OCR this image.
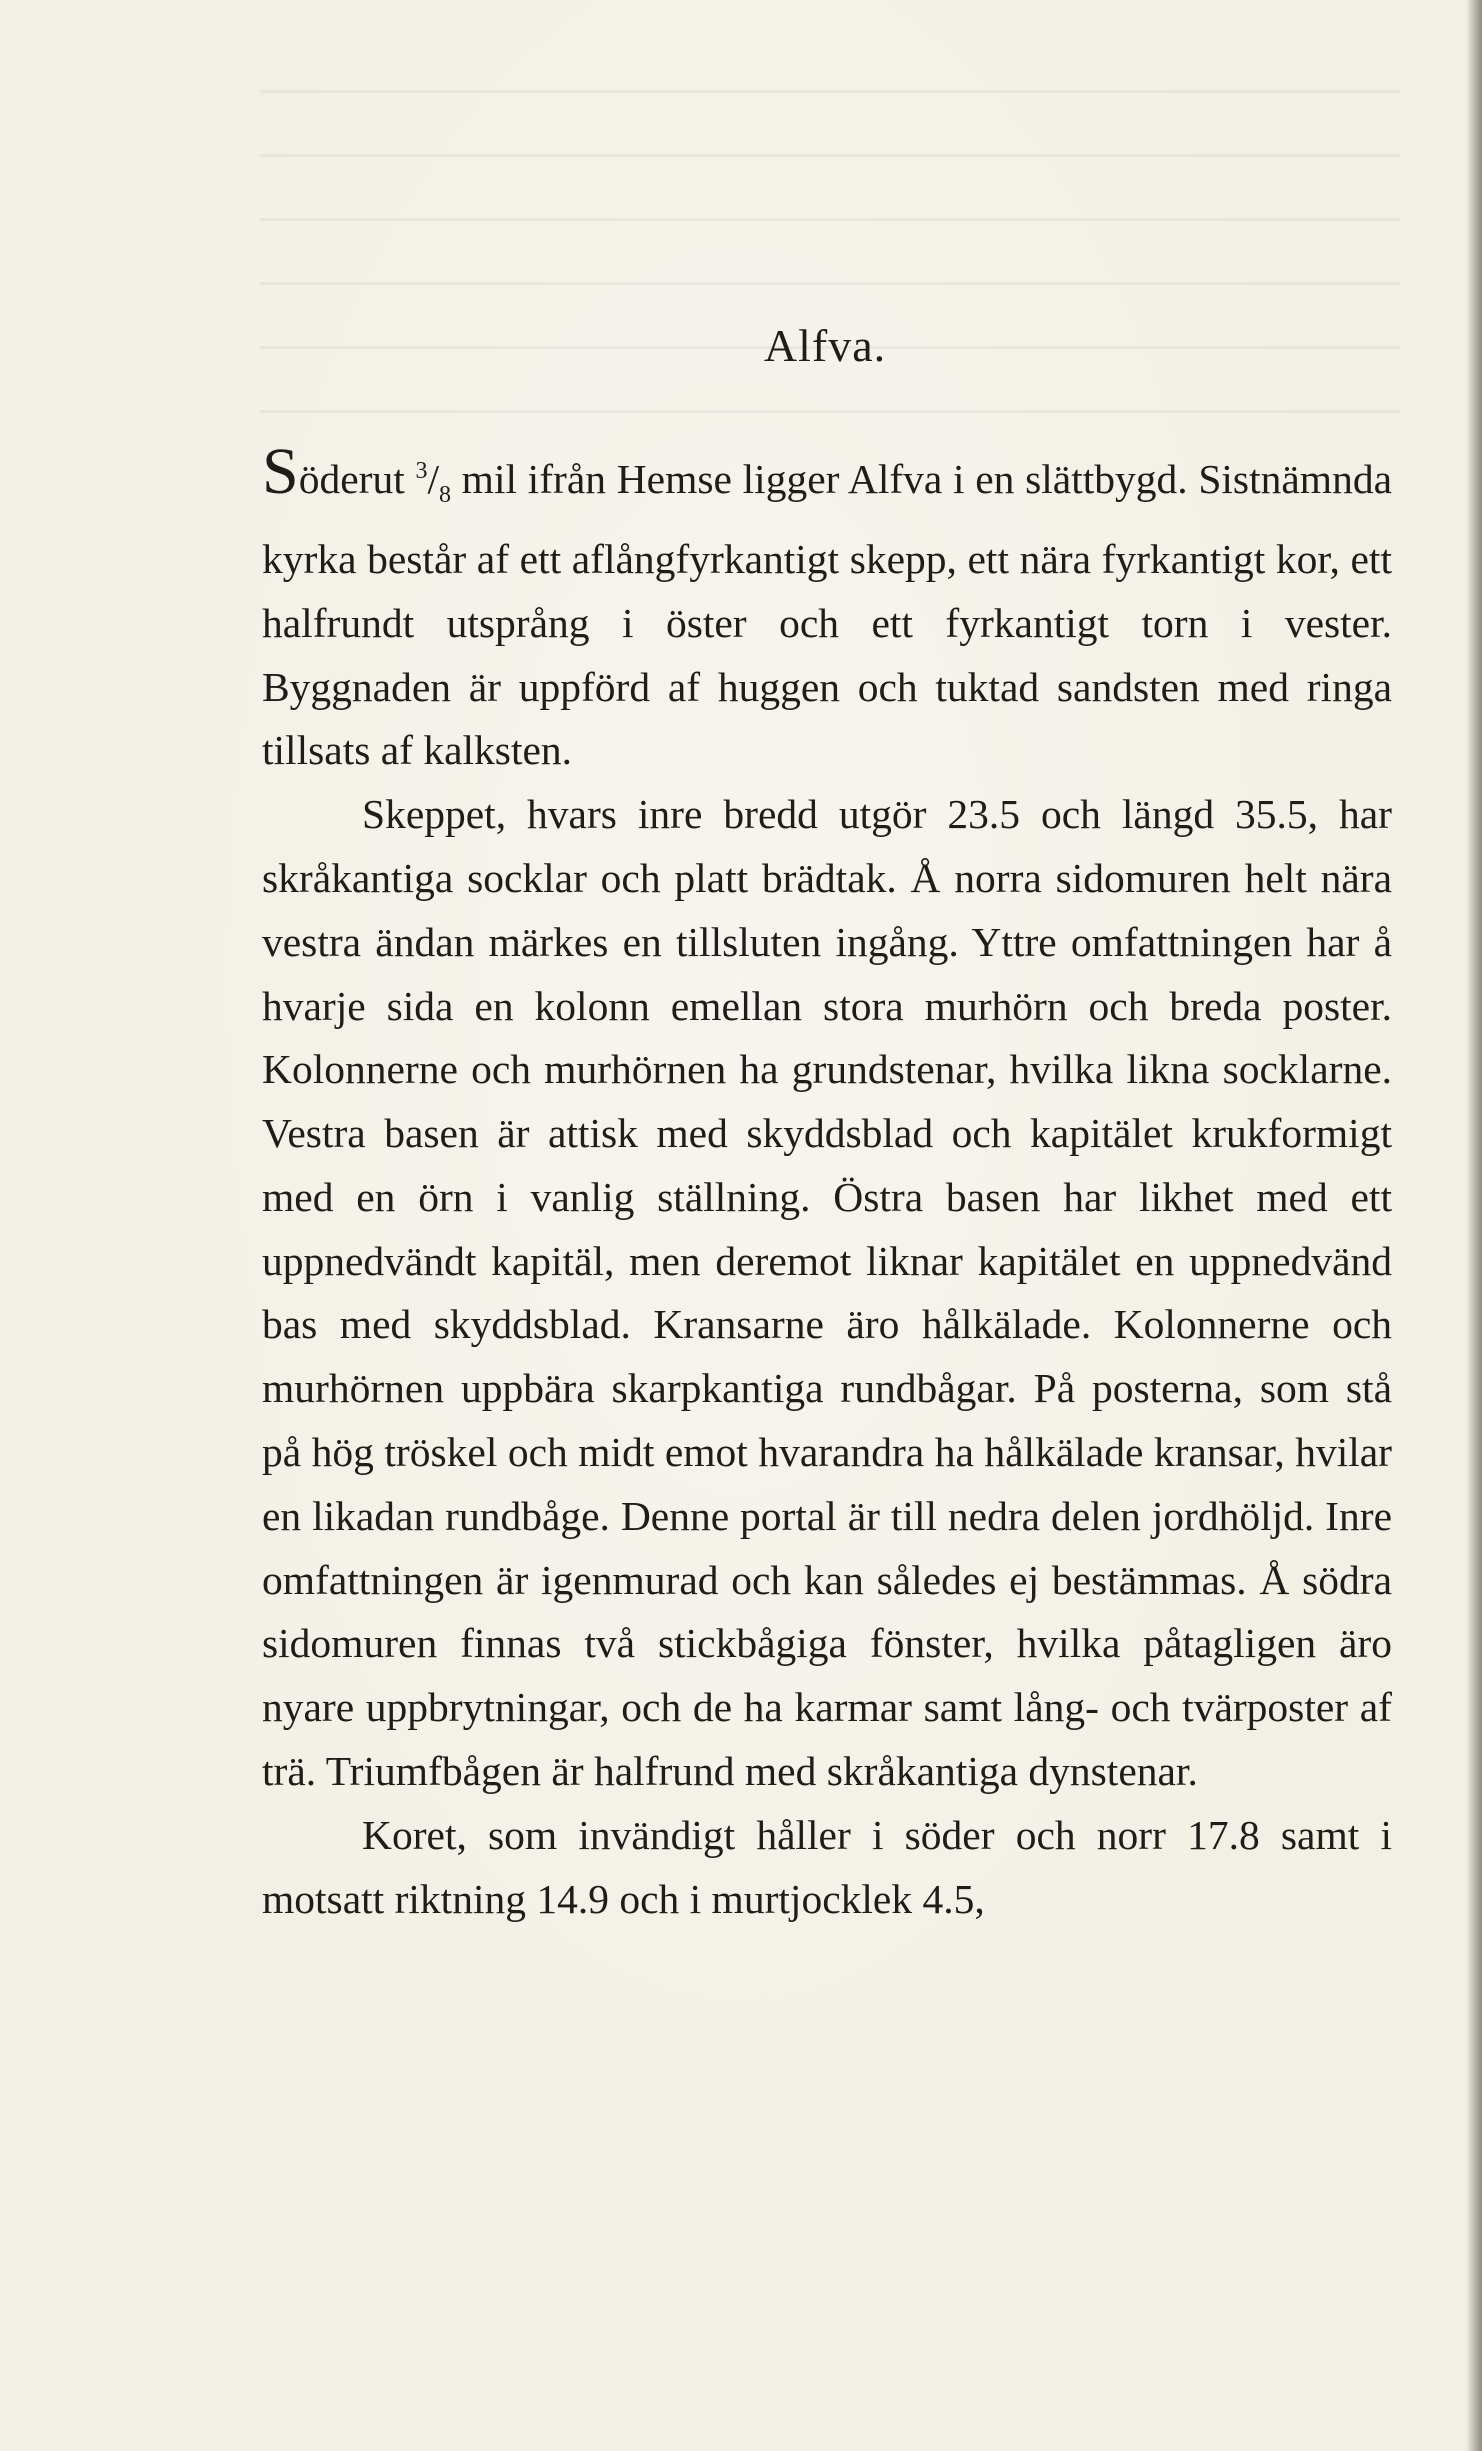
Alfva.

Söderut $^3/_8$ mil ifrån Hemse ligger Alfva i en slättbygd. Sistnämnda kyrka består af ett aflångfyrkantigt skepp, ett nära fyrkantigt kor, ett halfrundt utsprång i öster och ett fyrkantigt torn i vester. Byggnaden är uppförd af huggen och tuktad sandsten med ringa tillsats af kalksten.

Skeppet, hvars inre bredd utgör 23.5 och längd 35.5, har skråkantiga socklar och platt brädtak. Å norra sidomuren helt nära vestra ändan märkes en tillsluten ingång. Yttre omfattningen har å hvarje sida en kolonn emellan stora murhörn och breda poster. Kolonnerne och murhörnen ha grundstenar, hvilka likna socklarne. Vestra basen är attisk med skyddsblad och kapitälet krukformigt med en örn i vanlig ställning. Östra basen har likhet med ett uppnedvändt kapitäl, men deremot liknar kapitälet en uppnedvänd bas med skyddsblad. Kransarne äro hålkälade. Kolonnerne och murhörnen uppbära skarpkantiga rundbågar. På posterna, som stå på hög tröskel och midt emot hvarandra ha hålkälade kransar, hvilar en likadan rundbåge. Denne portal är till nedra delen jordhöljd. Inre omfattningen är igenmurad och kan således ej bestämmas. Å södra sidomuren finnas två stickbågiga fönster, hvilka påtagligen äro nyare uppbrytningar, och de ha karmar samt lång- och tvärposter af trä. Triumfbågen är halfrund med skråkantiga dynstenar.

Koret, som invändigt håller i söder och norr 17.8 samt i motsatt riktning 14.9 och i murtjocklek 4.5,
